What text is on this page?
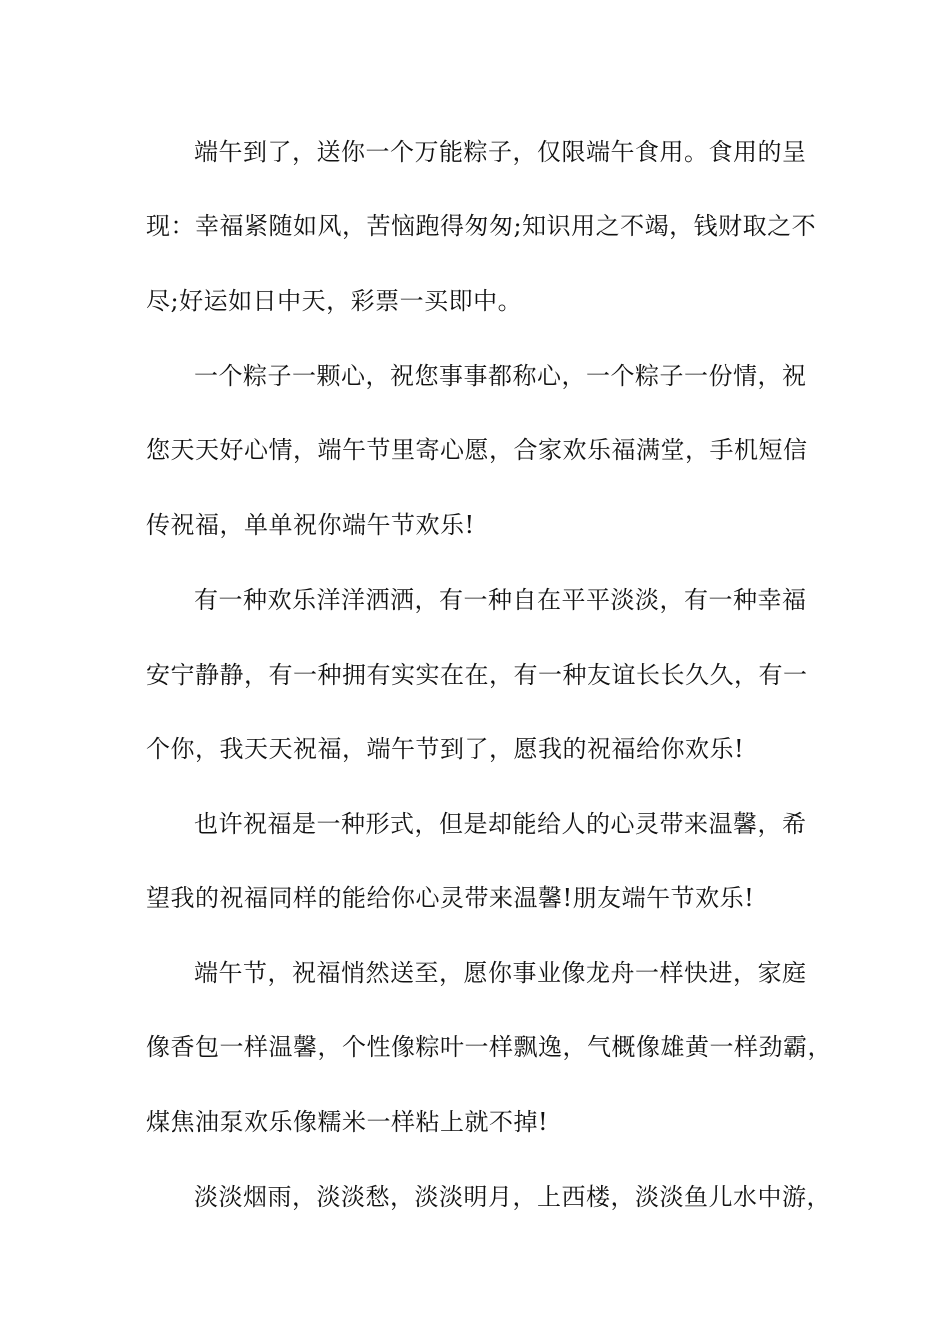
端午到了，送你一个万能粽子，仅限端午食用。食用的呈
现：幸福紧随如风，苦恼跑得匆匆;知识用之不竭，钱财取之不
尽;好运如日中天，彩票一买即中。
一个粽子一颗心，祝您事事都称心，一个粽子一份情，祝
您天天好心情，端午节里寄心愿，合家欢乐福满堂，手机短信
传祝福，单单祝你端午节欢乐!
有一种欢乐洋洋洒洒，有一种自在平平淡淡，有一种幸福
安宁静静，有一种拥有实实在在，有一种友谊长长久久，有一
个你，我天天祝福，端午节到了，愿我的祝福给你欢乐!
也许祝福是一种形式，但是却能给人的心灵带来温馨，希
望我的祝福同样的能给你心灵带来温馨!朋友端午节欢乐!
端午节，祝福悄然送至，愿你事业像龙舟一样快进，家庭
像香包一样温馨，个性像粽叶一样飘逸，气概像雄黄一样劲霸，
煤焦油泵欢乐像糯米一样粘上就不掉!
淡淡烟雨，淡淡愁，淡淡明月，上西楼，淡淡鱼儿水中游，
